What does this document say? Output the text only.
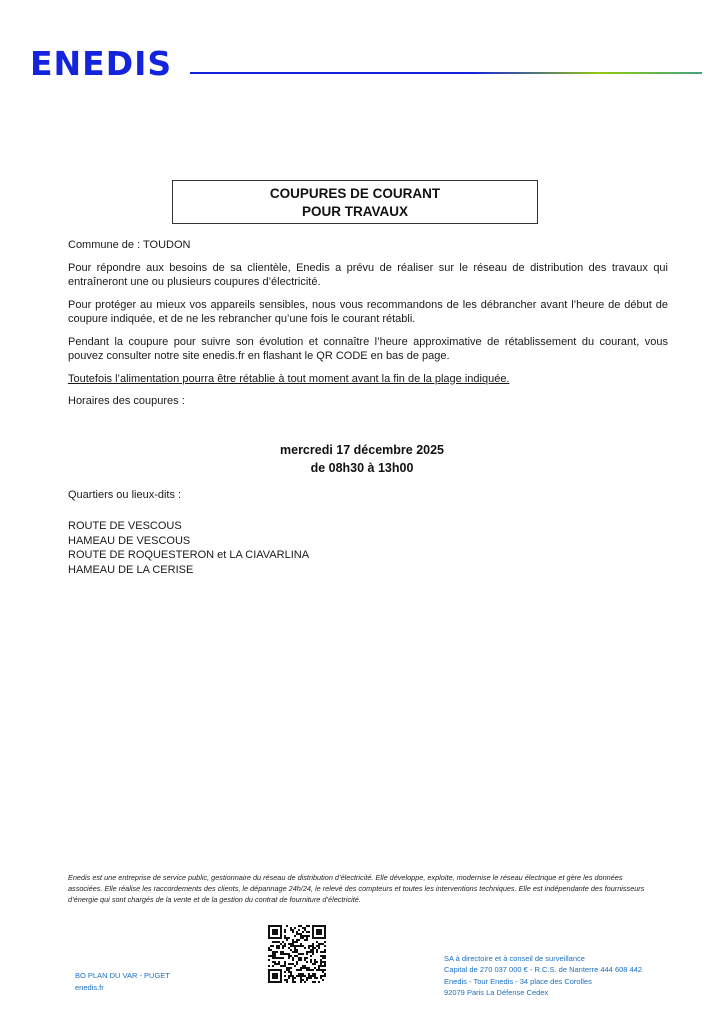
ENEDIS
COUPURES DE COURANT
POUR TRAVAUX

Commune de : TOUDON

Pour répondre aux besoins de sa clientèle, Enedis a prévu de réaliser sur le réseau de distribution des travaux qui entraîneront une ou plusieurs coupures d’électricité.

Pour protéger au mieux vos appareils sensibles, nous vous recommandons de les débrancher avant l’heure de début de coupure indiquée, et de ne les rebrancher qu’une fois le courant rétabli.

Pendant la coupure pour suivre son évolution et connaître l’heure approximative de rétablissement du courant, vous pouvez consulter notre site enedis.fr en flashant le QR CODE en bas de page.

Toutefois l’alimentation pourra être rétablie à tout moment avant la fin de la plage indiquée.

Horaires des coupures :

mercredi 17 décembre 2025
de 08h30 à 13h00
Quartiers ou lieux-dits :
ROUTE DE VESCOUS
HAMEAU DE VESCOUS
ROUTE DE ROQUESTERON et LA CIAVARLINA
HAMEAU DE LA CERISE
Enedis est une entreprise de service public, gestionnaire du réseau de distribution d’électricité. Elle développe, exploite, modernise le réseau électrique et gère les données associées. Elle réalise les raccordements des clients, le dépannage 24h/24, le relevé des compteurs et toutes les interventions techniques. Elle est indépendante des fournisseurs d’énergie qui sont chargés de la vente et de la gestion du contrat de fourniture d’électricité.
BO PLAN DU VAR - PUGET
enedis.fr
SA à directoire et à conseil de surveillance
Capital de 270 037 000 € - R.C.S. de Nanterre 444 608 442
Enedis - Tour Enedis - 34 place des Corolles
92079 Paris La Défense Cedex
